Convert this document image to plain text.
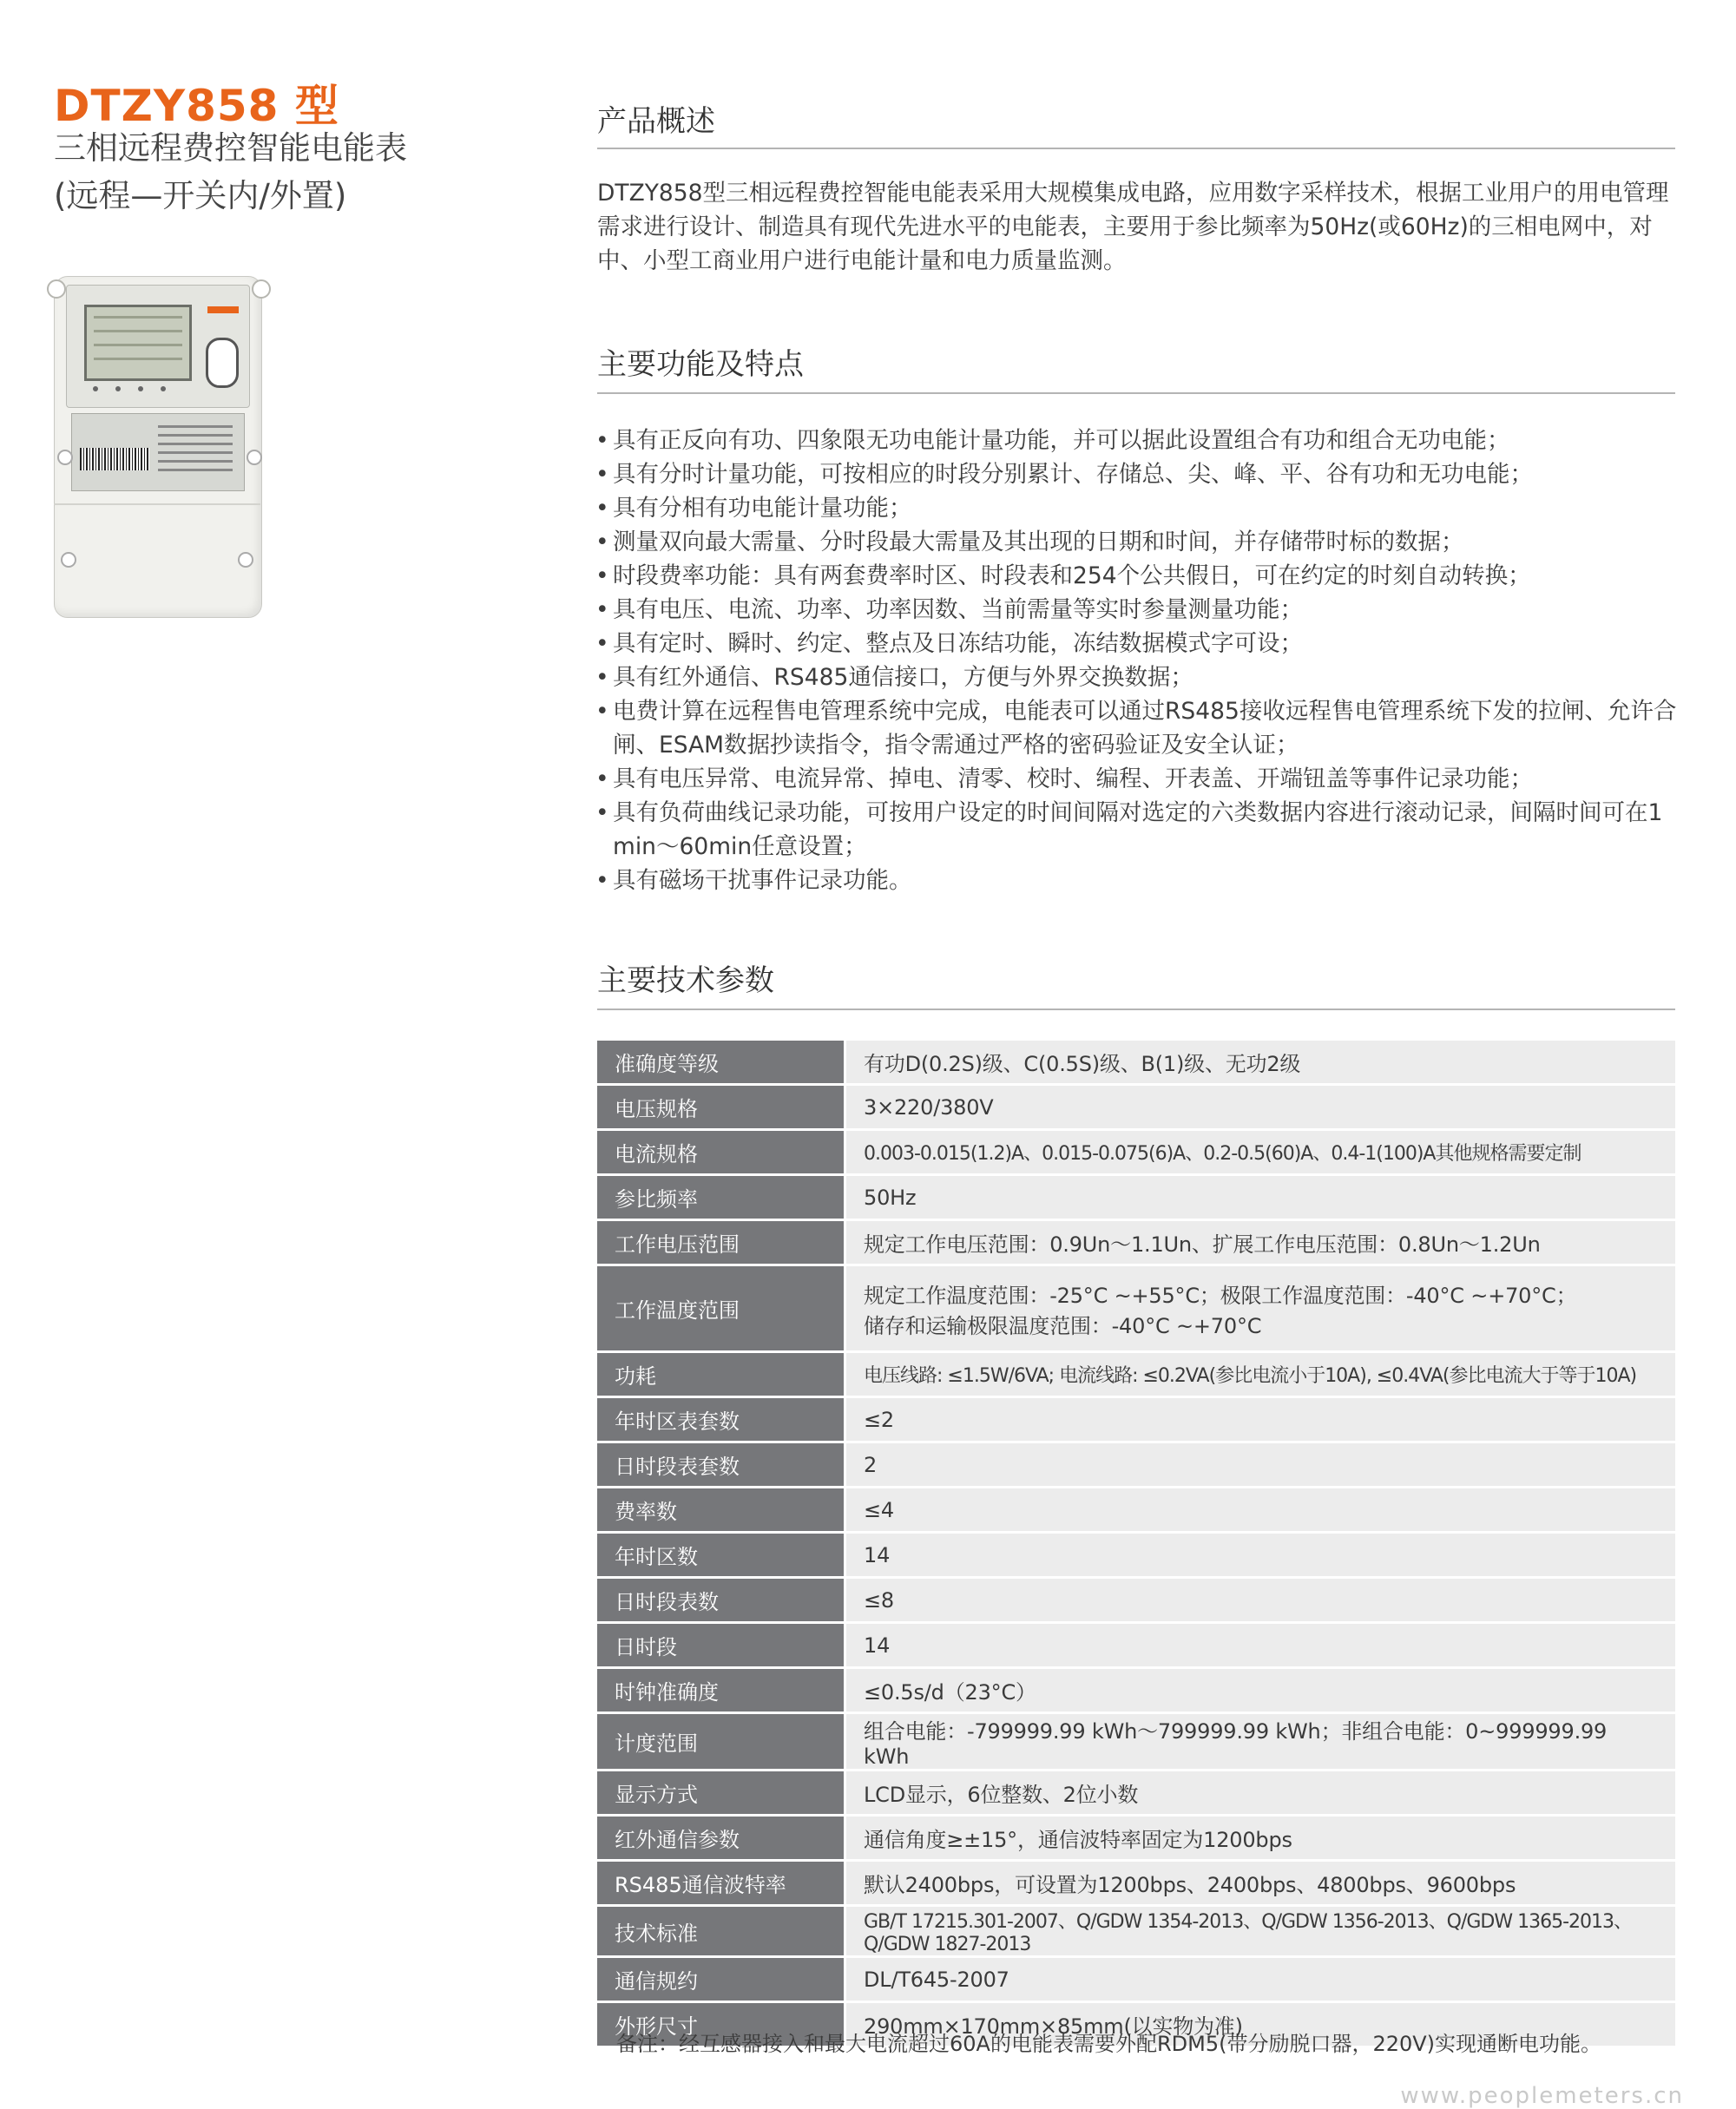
DTZY858 型

三相远程费控智能电能表

(远程—开关内/外置)

产品概述

DTZY858型三相远程费控智能电能表采用大规模集成电路，应用数字采样技术，根据工业用户的用电管理需求进行设计、制造具有现代先进水平的电能表，主要用于参比频率为50Hz(或60Hz)的三相电网中，对中、小型工商业用户进行电能计量和电力质量监测。

主要功能及特点
• 具有正反向有功、四象限无功电能计量功能，并可以据此设置组合有功和组合无功电能；
• 具有分时计量功能，可按相应的时段分别累计、存储总、尖、峰、平、谷有功和无功电能；
• 具有分相有功电能计量功能；
• 测量双向最大需量、分时段最大需量及其出现的日期和时间，并存储带时标的数据；
• 时段费率功能：具有两套费率时区、时段表和254个公共假日，可在约定的时刻自动转换；
• 具有电压、电流、功率、功率因数、当前需量等实时参量测量功能；
• 具有定时、瞬时、约定、整点及日冻结功能，冻结数据模式字可设；
• 具有红外通信、RS485通信接口，方便与外界交换数据；
• 电费计算在远程售电管理系统中完成，电能表可以通过RS485接收远程售电管理系统下发的拉闸、允许合闸、ESAM数据抄读指令，指令需通过严格的密码验证及安全认证；
• 具有电压异常、电流异常、掉电、清零、校时、编程、开表盖、开端钮盖等事件记录功能；
• 具有负荷曲线记录功能，可按用户设定的时间间隔对选定的六类数据内容进行滚动记录，间隔时间可在1 min～60min任意设置；
• 具有磁场干扰事件记录功能。
主要技术参数
准确度等级	有功D(0.2S)级、C(0.5S)级、B(1)级、无功2级

电压规格	3×220/380V

电流规格	0.003-0.015(1.2)A、0.015-0.075(6)A、0.2-0.5(60)A、0.4-1(100)A其他规格需要定制

参比频率	50Hz

工作电压范围	规定工作电压范围：0.9Un～1.1Un、扩展工作电压范围：0.8Un～1.2Un

工作温度范围	规定工作温度范围：-25°C ~+55°C；极限工作温度范围：-40°C ~+70°C；
储存和运输极限温度范围：-40°C ~+70°C

功耗	电压线路: ≤1.5W/6VA; 电流线路: ≤0.2VA(参比电流小于10A), ≤0.4VA(参比电流大于等于10A)

年时区表套数	≤2

日时段表套数	2

费率数	≤4

年时区数	14

日时段表数	≤8

日时段	14

时钟准确度	≤0.5s/d（23°C）

计度范围	组合电能：-799999.99 kWh～799999.99 kWh；非组合电能：0~999999.99 kWh

显示方式	LCD显示，6位整数、2位小数

红外通信参数	通信角度≥±15°，通信波特率固定为1200bps

RS485通信波特率	默认2400bps，可设置为1200bps、2400bps、4800bps、9600bps

技术标准	GB/T 17215.301-2007、Q/GDW 1354-2013、Q/GDW 1356-2013、Q/GDW 1365-2013、Q/GDW 1827-2013

通信规约	DL/T645-2007

外形尺寸	290mm×170mm×85mm(以实物为准)

备注：经互感器接入和最大电流超过60A的电能表需要外配RDM5(带分励脱口器，220V)实现通断电功能。

www.peoplemeters.cn
